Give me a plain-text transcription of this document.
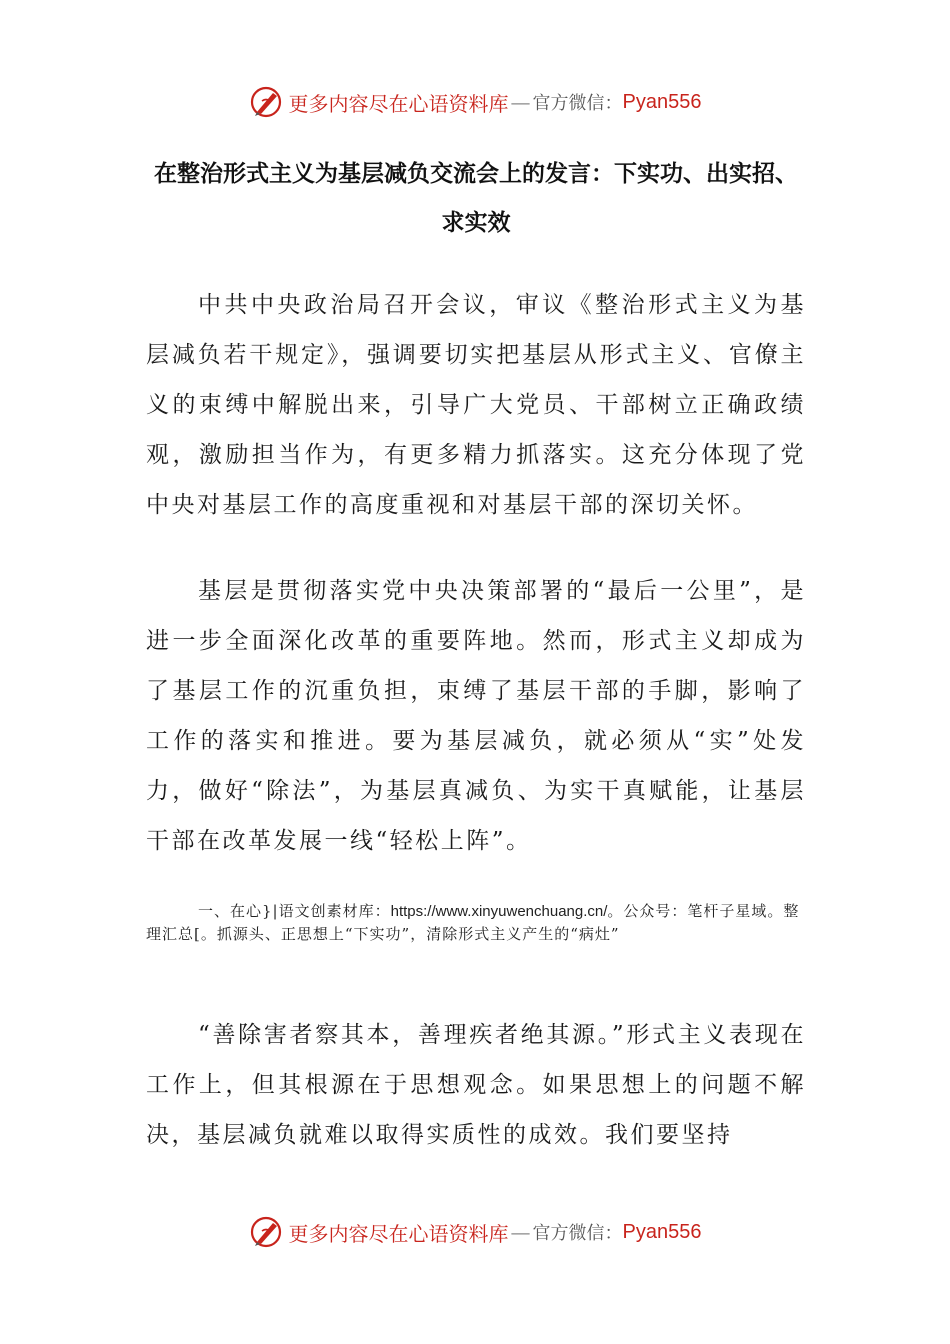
更多内容尽在心语资料库 — 官方微信： Pyan556
在整治形式主义为基层减负交流会上的发言：下实功、出实招、求实效

中共中央政治局召开会议，审议《整治形式主义为基层减负若干规定》，强调要切实把基层从形式主义、官僚主义的束缚中解脱出来，引导广大党员、干部树立正确政绩观，激励担当作为，有更多精力抓落实。这充分体现了党中央对基层工作的高度重视和对基层干部的深切关怀。

基层是贯彻落实党中央决策部署的“最后一公里”，是进一步全面深化改革的重要阵地。然而，形式主义却成为了基层工作的沉重负担，束缚了基层干部的手脚，影响了工作的落实和推进。要为基层减负，就必须从“实”处发力，做好“除法”，为基层真减负、为实干真赋能，让基层干部在改革发展一线“轻松上阵”。

一、在心}|语文创素材库：https://www.xinyuwenchuang.cn/。公众号：笔杆子星域。整理汇总[。抓源头、正思想上“下实功”，清除形式主义产生的“病灶”

“善除害者察其本，善理疾者绝其源。”形式主义表现在工作上，但其根源在于思想观念。如果思想上的问题不解决，基层减负就难以取得实质性的成效。我们要坚持

更多内容尽在心语资料库 — 官方微信： Pyan556
